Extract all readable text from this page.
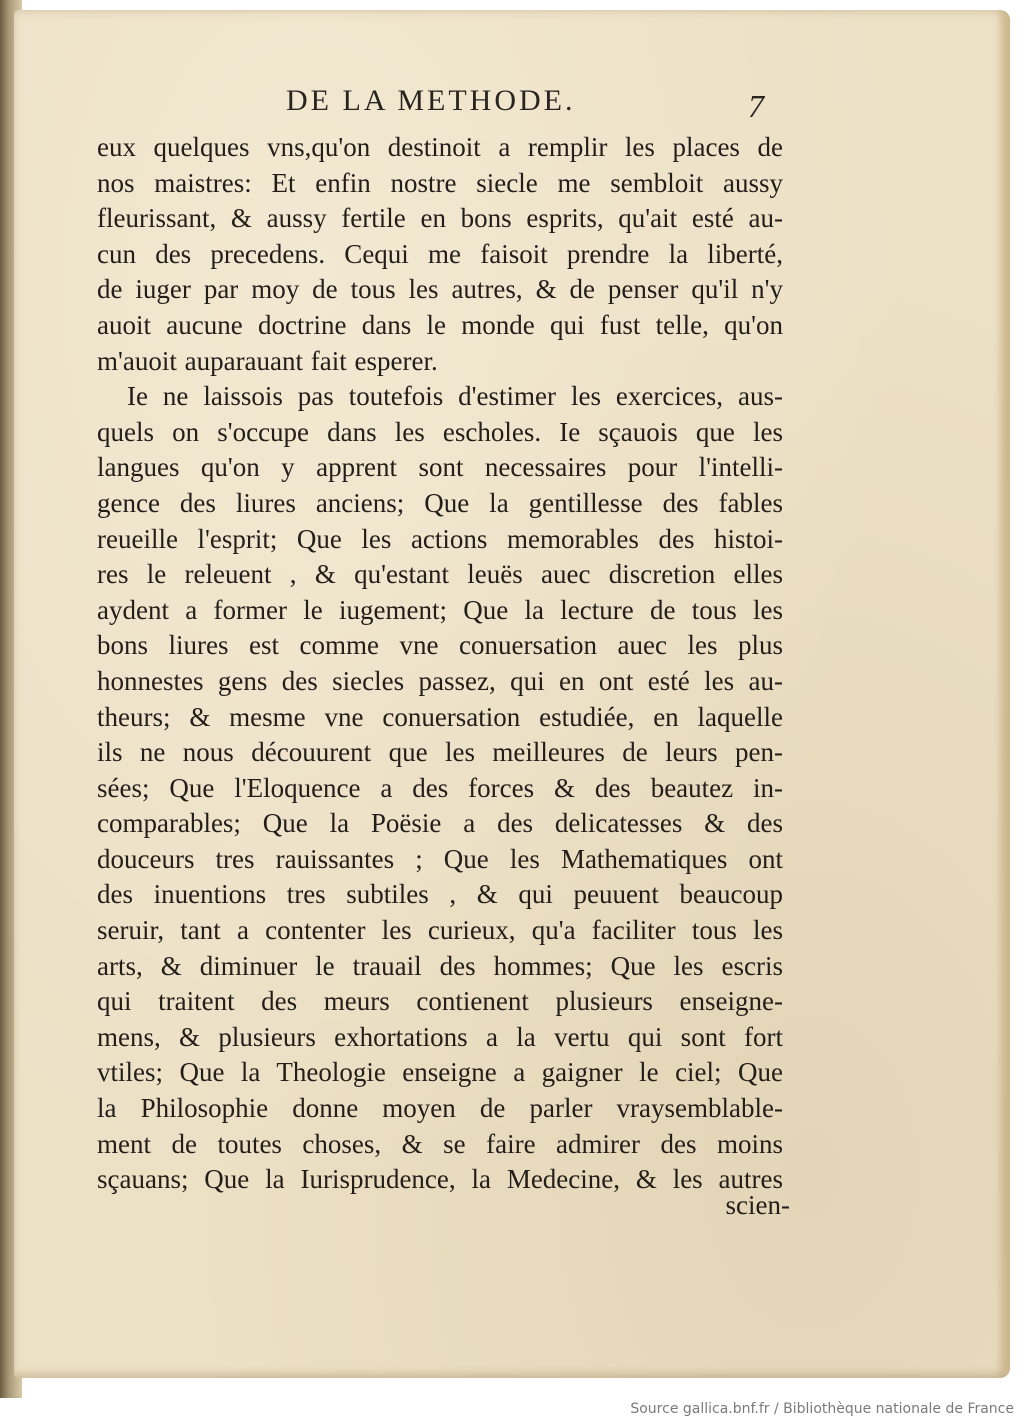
DE LA METHODE.	7
eux quelques vns,qu'on destinoit a remplir les places de
nos maistres: Et enfin nostre siecle me sembloit aussy
fleurissant, & aussy fertile en bons esprits, qu'ait esté au-
cun des precedens. Cequi me faisoit prendre la liberté,
de iuger par moy de tous les autres, & de penser qu'il n'y
auoit aucune doctrine dans le monde qui fust telle, qu'on
m'auoit auparauant fait esperer.
Ie ne laissois pas toutefois d'estimer les exercices, aus-
quels on s'occupe dans les escholes. Ie sçauois que les
langues qu'on y apprent sont necessaires pour l'intelli-
gence des liures anciens; Que la gentillesse des fables
reueille l'esprit; Que les actions memorables des histoi-
res le releuent , & qu'estant leuës auec discretion elles
aydent a former le iugement; Que la lecture de tous les
bons liures est comme vne conuersation auec les plus
honnestes gens des siecles passez, qui en ont esté les au-
theurs; & mesme vne conuersation estudiée, en laquelle
ils ne nous découurent que les meilleures de leurs pen-
sées; Que l'Eloquence a des forces & des beautez in-
comparables; Que la Poësie a des delicatesses & des
douceurs tres rauissantes ; Que les Mathematiques ont
des inuentions tres subtiles , & qui peuuent beaucoup
seruir, tant a contenter les curieux, qu'a faciliter tous les
arts, & diminuer le trauail des hommes; Que les escris
qui traitent des meurs contienent plusieurs enseigne-
mens, & plusieurs exhortations a la vertu qui sont fort
vtiles; Que la Theologie enseigne a gaigner le ciel; Que
la Philosophie donne moyen de parler vraysemblable-
ment de toutes choses, & se faire admirer des moins
sçauans; Que la Iurisprudence, la Medecine, & les autres
scien-
Source gallica.bnf.fr / Bibliothèque nationale de France
